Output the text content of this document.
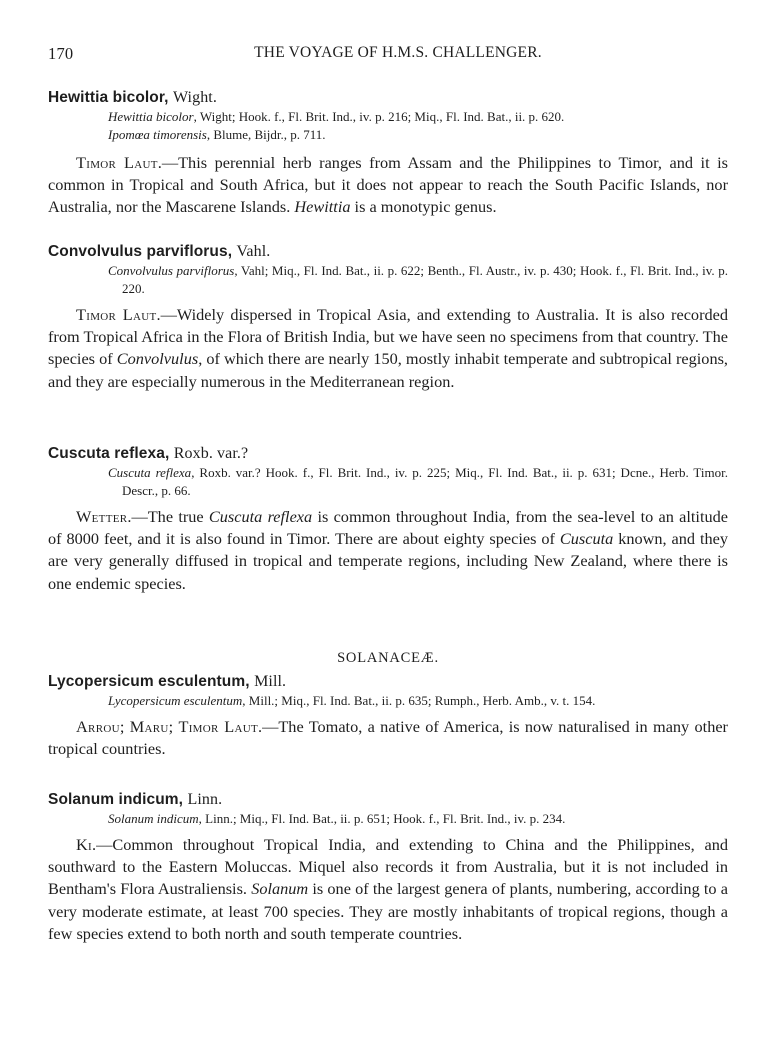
170	THE VOYAGE OF H.M.S. CHALLENGER.

Hewittia bicolor, Wight.

Hewittia bicolor, Wight; Hook. f., Fl. Brit. Ind., iv. p. 216; Miq., Fl. Ind. Bat., ii. p. 620.

Ipomœa timorensis, Blume, Bijdr., p. 711.

Timor Laut.—This perennial herb ranges from Assam and the Philippines to Timor, and it is common in Tropical and South Africa, but it does not appear to reach the South Pacific Islands, nor Australia, nor the Mascarene Islands. Hewittia is a monotypic genus.

Convolvulus parviflorus, Vahl.

Convolvulus parviflorus, Vahl; Miq., Fl. Ind. Bat., ii. p. 622; Benth., Fl. Austr., iv. p. 430; Hook. f., Fl. Brit. Ind., iv. p. 220.

Timor Laut.—Widely dispersed in Tropical Asia, and extending to Australia. It is also recorded from Tropical Africa in the Flora of British India, but we have seen no specimens from that country. The species of Convolvulus, of which there are nearly 150, mostly inhabit temperate and subtropical regions, and they are especially numerous in the Mediterranean region.

Cuscuta reflexa, Roxb. var.?

Cuscuta reflexa, Roxb. var.? Hook. f., Fl. Brit. Ind., iv. p. 225; Miq., Fl. Ind. Bat., ii. p. 631; Dcne., Herb. Timor. Descr., p. 66.

Wetter.—The true Cuscuta reflexa is common throughout India, from the sea-level to an altitude of 8000 feet, and it is also found in Timor. There are about eighty species of Cuscuta known, and they are very generally diffused in tropical and temperate regions, including New Zealand, where there is one endemic species.

SOLANACEÆ.

Lycopersicum esculentum, Mill.

Lycopersicum esculentum, Mill.; Miq., Fl. Ind. Bat., ii. p. 635; Rumph., Herb. Amb., v. t. 154.

Arrou; Maru; Timor Laut.—The Tomato, a native of America, is now naturalised in many other tropical countries.

Solanum indicum, Linn.

Solanum indicum, Linn.; Miq., Fl. Ind. Bat., ii. p. 651; Hook. f., Fl. Brit. Ind., iv. p. 234.

Ki.—Common throughout Tropical India, and extending to China and the Philippines, and southward to the Eastern Moluccas. Miquel also records it from Australia, but it is not included in Bentham's Flora Australiensis. Solanum is one of the largest genera of plants, numbering, according to a very moderate estimate, at least 700 species. They are mostly inhabitants of tropical regions, though a few species extend to both north and south temperate countries.
